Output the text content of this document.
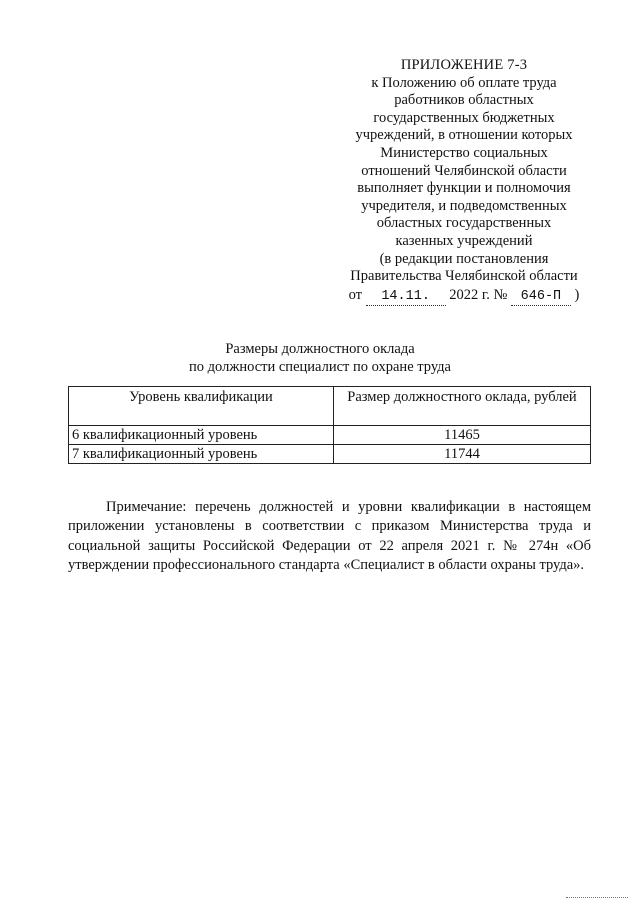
ПРИЛОЖЕНИЕ 7-3
к Положению об оплате труда
работников областных
государственных бюджетных
учреждений, в отношении которых
Министерство социальных
отношений Челябинской области
выполняет функции и полномочия
учредителя, и подведомственных
областных государственных
казенных учреждений
(в редакции постановления
Правительства Челябинской области
от 14.11. 2022 г. № 646-П )
Размеры должностного оклада
по должности специалист по охране труда
Уровень квалификации	Размер должностного оклада, рублей
6 квалификационный уровень	11465
7 квалификационный уровень	11744

Примечание: перечень должностей и уровни квалификации в настоящем приложении установлены в соответствии с приказом Министерства труда и социальной защиты Российской Федерации от 22 апреля 2021 г. № 274н «Об утверждении профессионального стандарта «Специалист в области охраны труда».
